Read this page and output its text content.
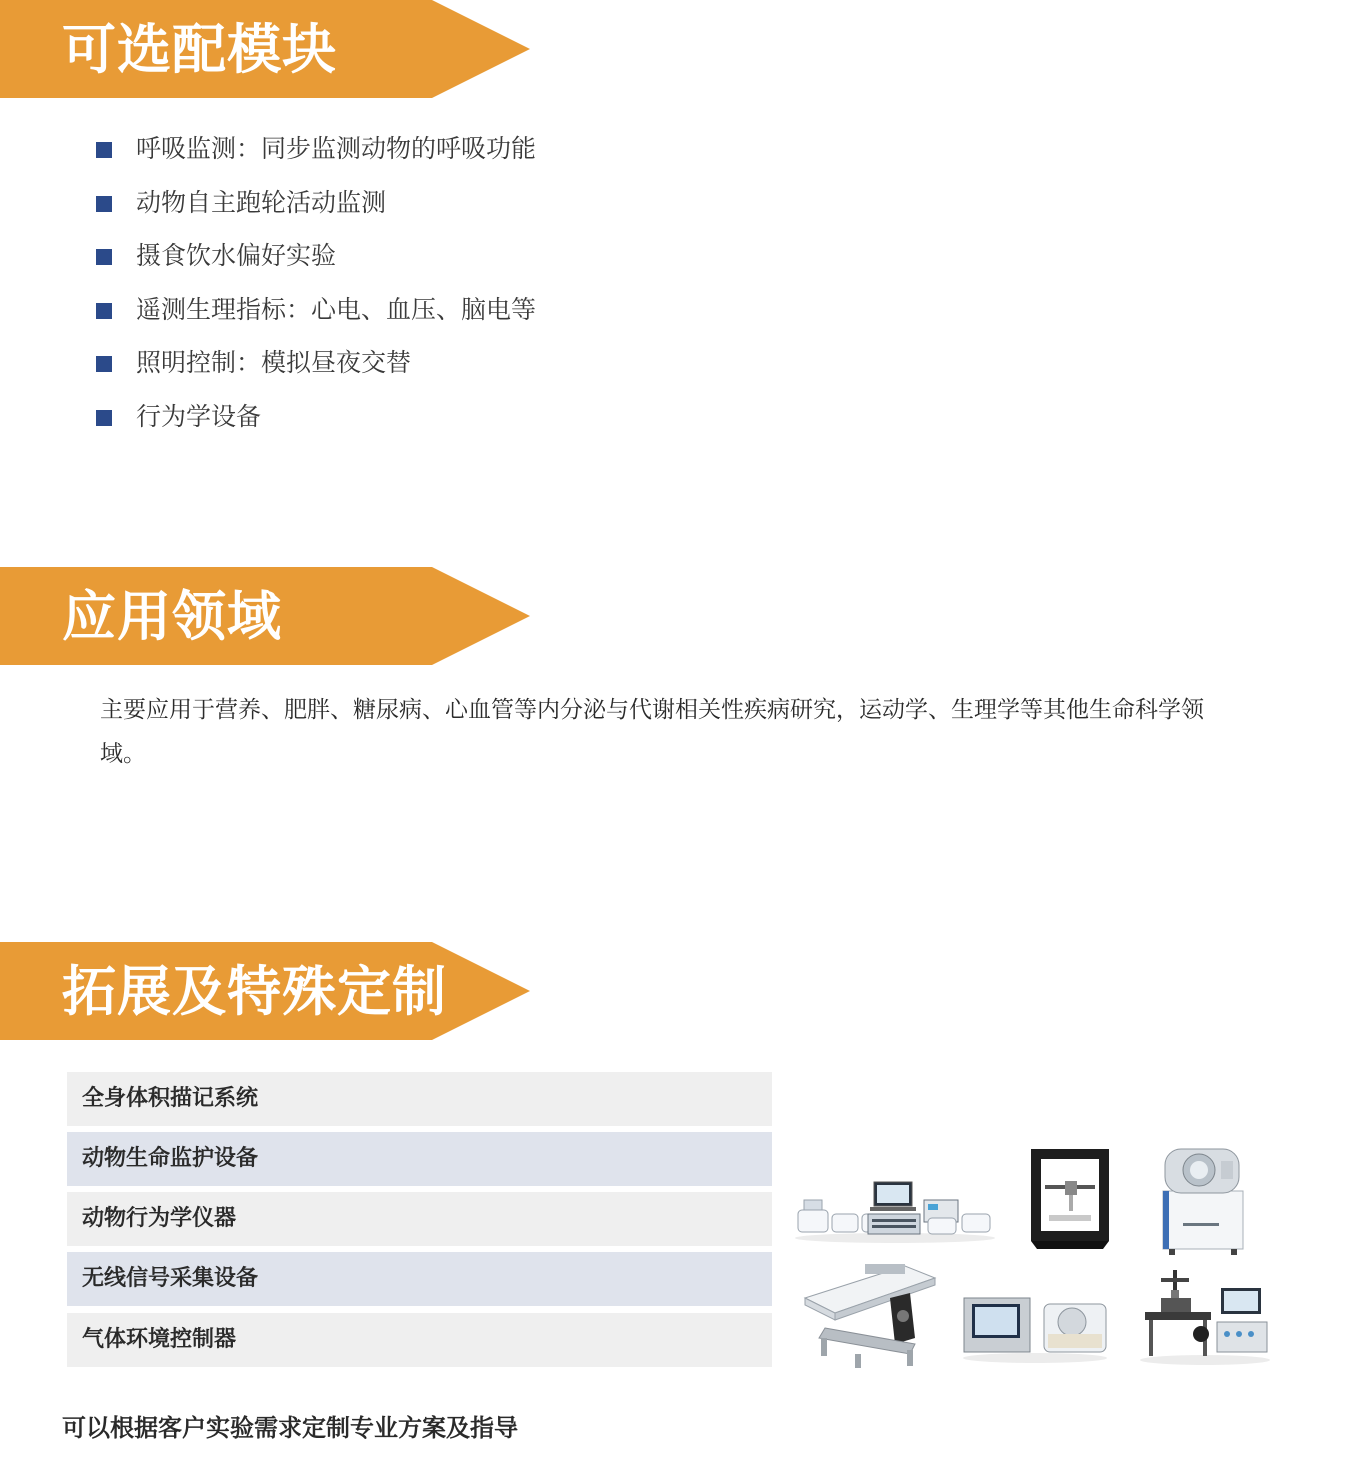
可选配模块
呼吸监测：同步监测动物的呼吸功能
动物自主跑轮活动监测
摄食饮水偏好实验
遥测生理指标：心电、血压、脑电等
照明控制：模拟昼夜交替
行为学设备
应用领域

主要应用于营养、肥胖、糖尿病、心血管等内分泌与代谢相关性疾病研究，运动学、生理学等其他生命科学领域。

拓展及特殊定制
全身体积描记系统
动物生命监护设备
动物行为学仪器
无线信号采集设备
气体环境控制器
可以根据客户实验需求定制专业方案及指导
